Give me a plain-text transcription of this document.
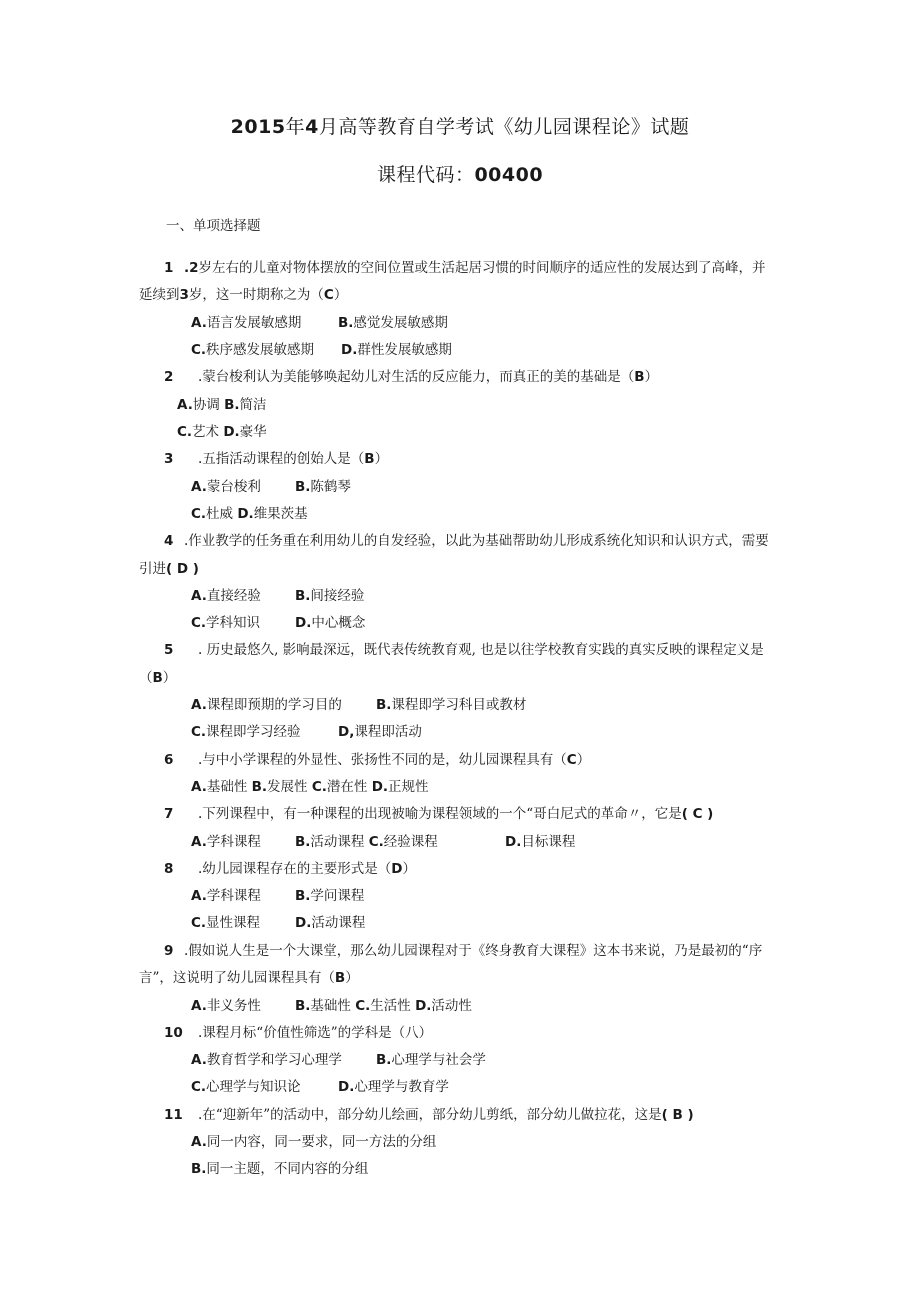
2015年4月高等教育自学考试《幼儿园课程论》试题
课程代码：00400
一、单项选择题
1 .2岁左右的儿童对物体摆放的空间位置或生活起居习惯的时间顺序的适应性的发展达到了高峰，并
延续到3岁，这一时期称之为（C）
A.语言发展敏感期	B.感觉发展敏感期
C.秩序感发展敏感期 D.群性发展敏感期
2 .蒙台梭利认为美能够唤起幼儿对生活的反应能力，而真正的美的基础是（B）
A.协调 B.简洁
C.艺术 D.豪华
3 .五指活动课程的创始人是（B）
A.蒙台梭利	B.陈鹤琴
C.杜威 D.维果茨基
4 .作业教学的任务重在利用幼儿的自发经验，以此为基础帮助幼儿形成系统化知识和认识方式，需要
引进( D )
A.直接经验	B.间接经验
C.学科知识	D.中心概念
5 . 历史最悠久, 影响最深远，既代表传统教育观, 也是以往学校教育实践的真实反映的课程定义是
（B）
A.课程即预期的学习目的	B.课程即学习科目或教材
C.课程即学习经验	D,课程即活动
6 .与中小学课程的外显性、张扬性不同的是，幼儿园课程具有（C）
A.基础性 B.发展性 C.潜在性 D.正规性
7 .下列课程中，有一种课程的出现被喻为课程领域的一个“哥白尼式的革命〃，它是( C )
A.学科课程	B.活动课程 C.经验课程	D.目标课程
8 .幼儿园课程存在的主要形式是（D）
A.学科课程	B.学问课程
C.显性课程	D.活动课程
9 .假如说人生是一个大课堂，那么幼儿园课程对于《终身教育大课程》这本书来说，乃是最初的“序
言”，这说明了幼儿园课程具有（B）
A.非义务性	B.基础性 C.生活性 D.活动性
10 .课程月标“价值性筛选”的学科是（八）
A.教育哲学和学习心理学	B.心理学与社会学
C.心理学与知识论	D.心理学与教育学
11 .在“迎新年”的活动中，部分幼儿绘画，部分幼儿剪纸，部分幼儿做拉花，这是( B )
A.同一内容，同一要求，同一方法的分组
B.同一主题，不同内容的分组
